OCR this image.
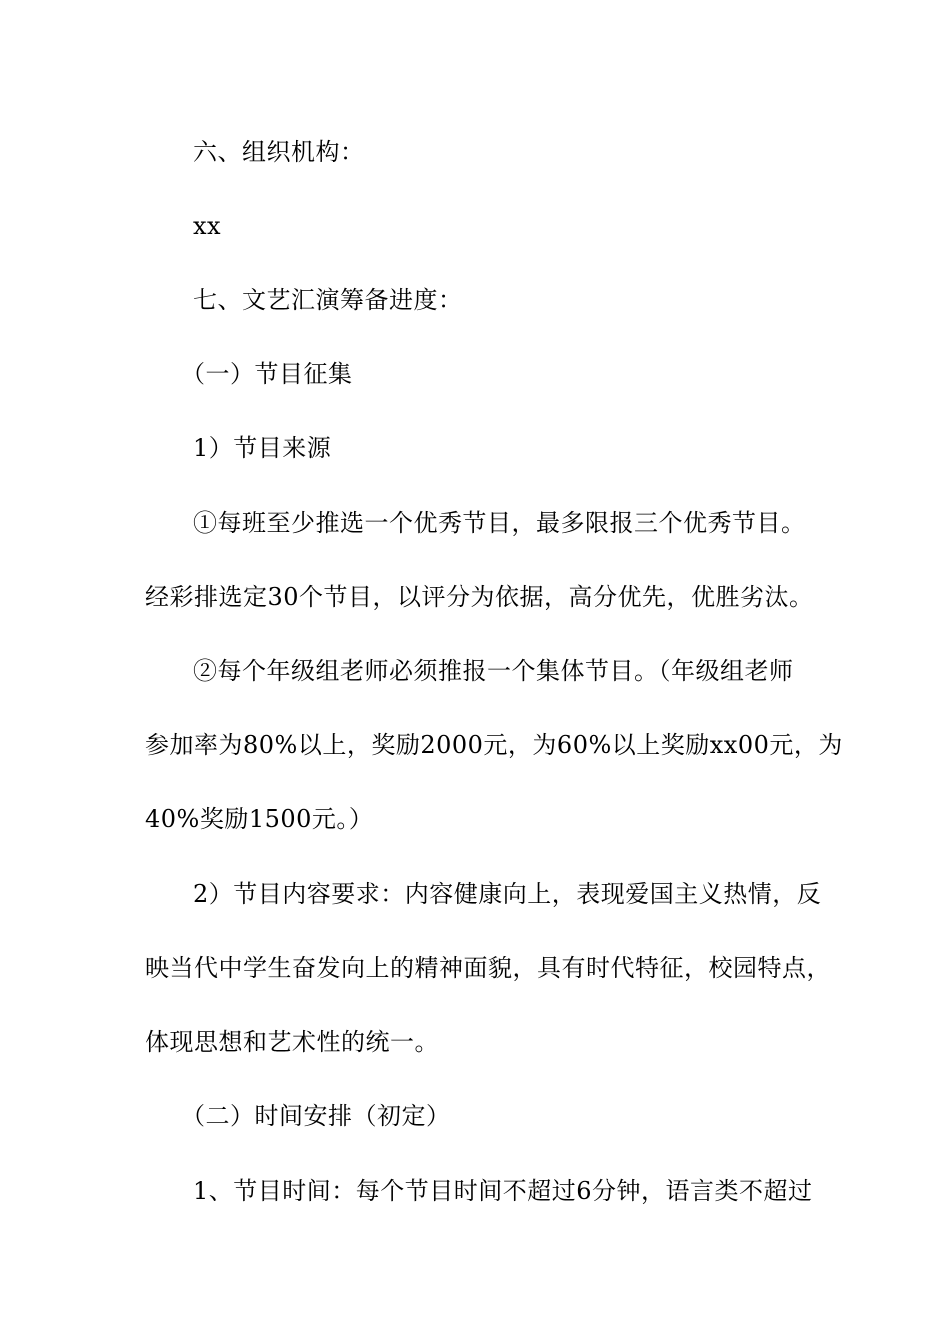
六、组织机构：
xx
七、文艺汇演筹备进度：
（一）节目征集
1）节目来源
①每班至少推选一个优秀节目，最多限报三个优秀节目。
经彩排选定30个节目，以评分为依据，高分优先，优胜劣汰。
②每个年级组老师必须推报一个集体节目。（年级组老师
参加率为80%以上，奖励2000元，为60%以上奖励xx00元，为
40%奖励1500元。）
2）节目内容要求：内容健康向上，表现爱国主义热情，反
映当代中学生奋发向上的精神面貌，具有时代特征，校园特点，
体现思想和艺术性的统一。
（二）时间安排（初定）
1、节目时间：每个节目时间不超过6分钟，语言类不超过
